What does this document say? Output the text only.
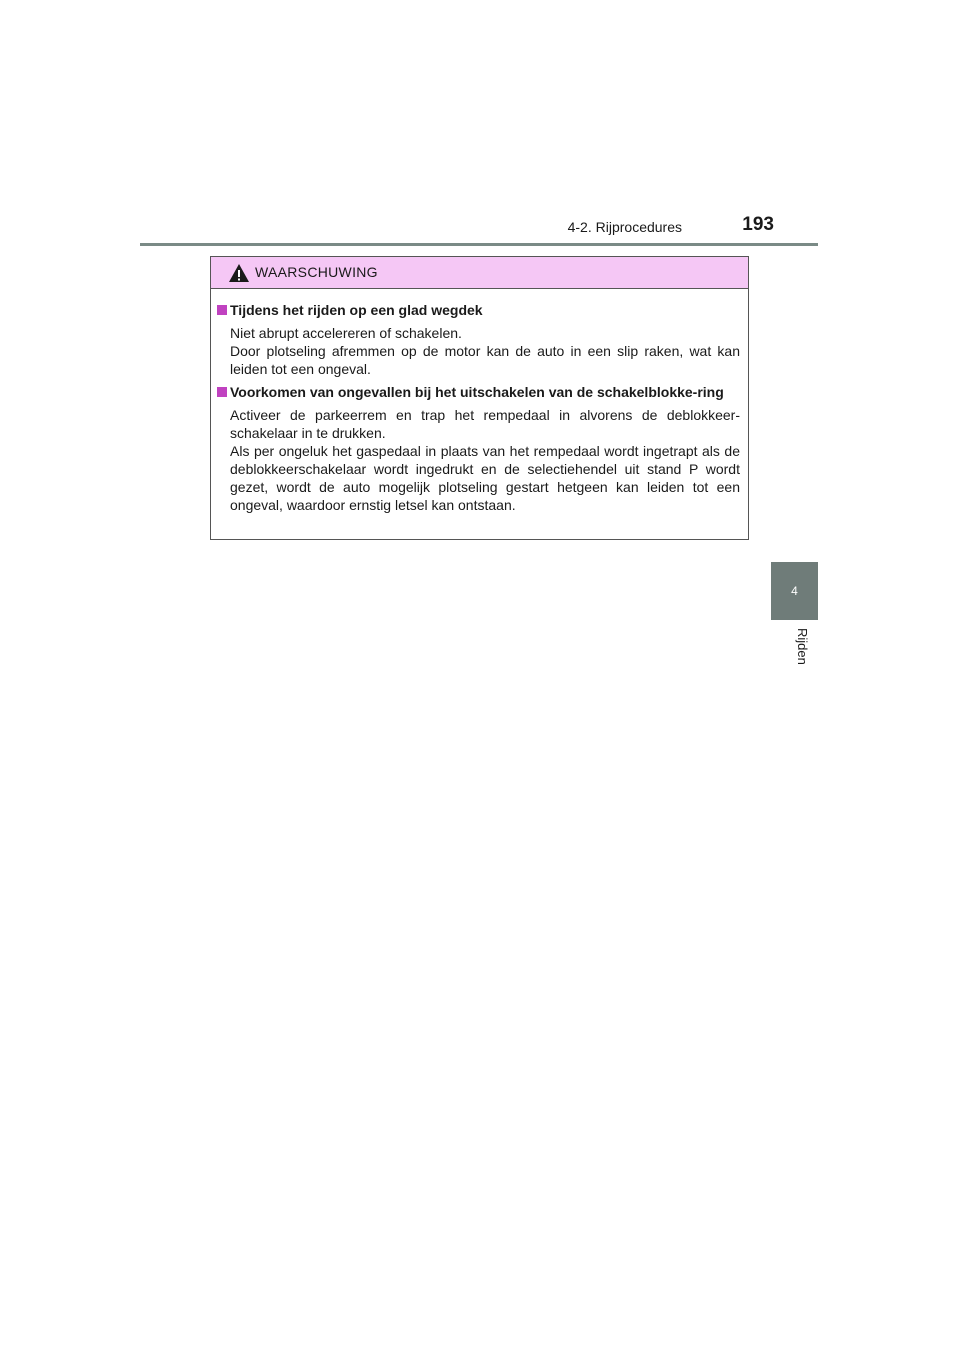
4-2. Rijprocedures	193
4
Rijden
WAARSCHUWING
Tijdens het rijden op een glad wegdek
Niet abrupt accelereren of schakelen.
Door plotseling afremmen op de motor kan de auto in een slip raken, wat kan leiden tot een ongeval.
Voorkomen van ongevallen bij het uitschakelen van de schakelblokke-ring
Activeer de parkeerrem en trap het rempedaal in alvorens de deblokkeer-schakelaar in te drukken.
Als per ongeluk het gaspedaal in plaats van het rempedaal wordt ingetrapt als de deblokkeerschakelaar wordt ingedrukt en de selectiehendel uit stand P wordt gezet, wordt de auto mogelijk plotseling gestart hetgeen kan leiden tot een ongeval, waardoor ernstig letsel kan ontstaan.
